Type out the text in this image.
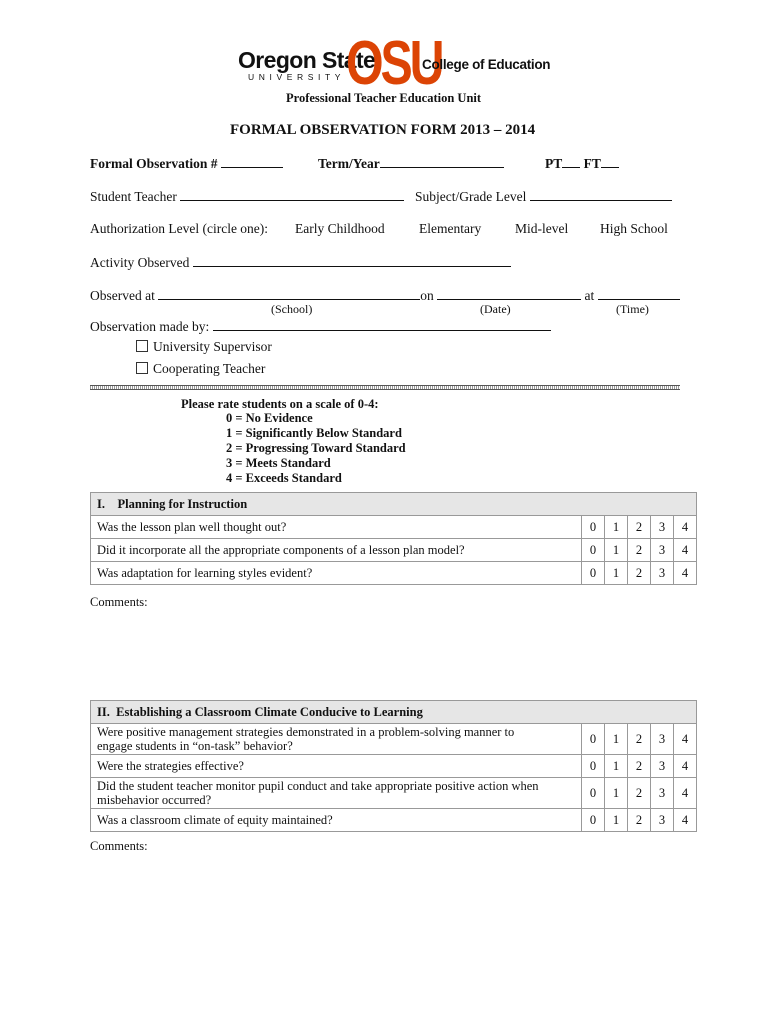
Oregon State
UNIVERSITY OSU
College of Education
Professional Teacher Education Unit
FORMAL OBSERVATION FORM 2013 – 2014
Formal Observation #	Term/Year	PT FT
Student Teacher	Subject/Grade Level
Authorization Level (circle one): Early Childhood	Elementary	Mid-level High School
Activity Observed
Observed at	on	at
(School)	(Date)	(Time)
Observation made by:
University Supervisor
Cooperating Teacher
Please rate students on a scale of 0-4:
0 = No Evidence
1 = Significantly Below Standard
2 = Progressing Toward Standard
3 = Meets Standard
4 = Exceeds Standard
I.    Planning for Instruction					
Was the lesson plan well thought out?	0	1	2	3	4
Did it incorporate all the appropriate components of a lesson plan model?	0	1	2	3	4
Was adaptation for learning styles evident?	0	1	2	3	4
Comments:
II.  Establishing a Classroom Climate Conducive to Learning					

Were positive management strategies demonstrated in a problem-solving manner to
engage students in “on-task” behavior?	0	1	2	3	4
Were the strategies effective?	0	1	2	3	4

Did the student teacher monitor pupil conduct and take appropriate positive action when
misbehavior occurred?	0	1	2	3	4
Was a classroom climate of equity maintained?	0	1	2	3	4
Comments:
